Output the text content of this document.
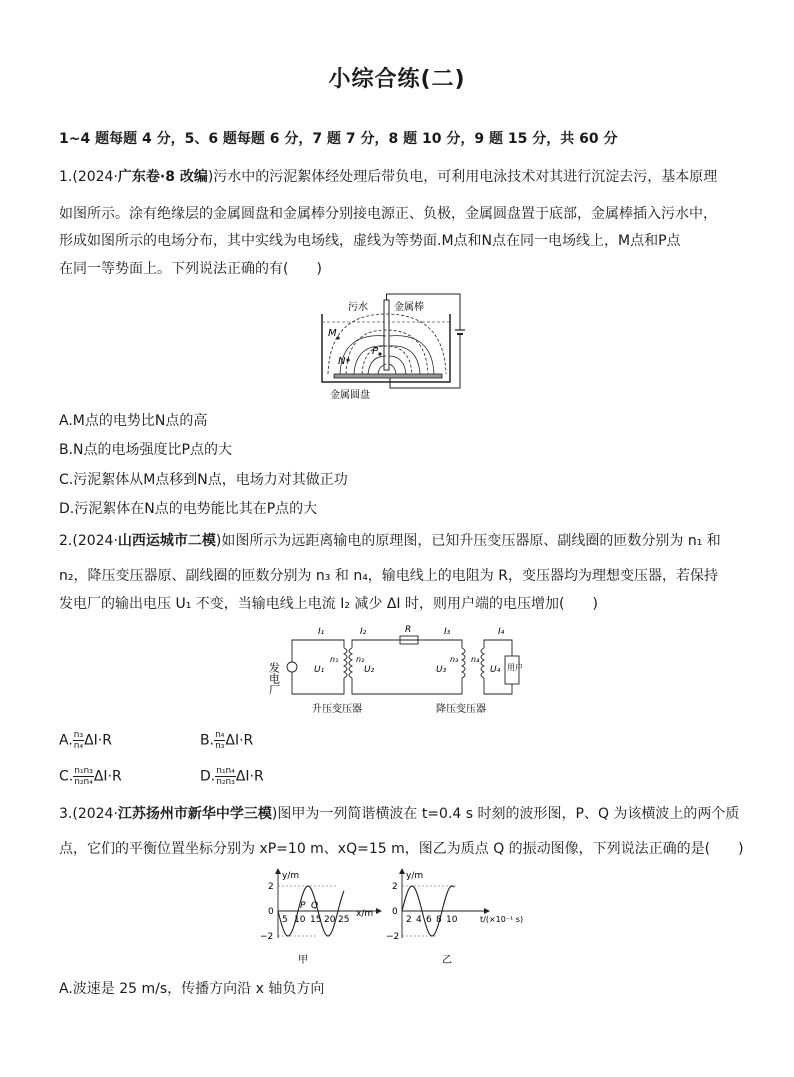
小综合练(二)
1~4 题每题 4 分，5、6 题每题 6 分，7 题 7 分，8 题 10 分，9 题 15 分，共 60 分
1.(2024·广东卷·8 改编)污水中的污泥絮体经处理后带负电，可利用电泳技术对其进行沉淀去污，基本原理
如图所示。涂有绝缘层的金属圆盘和金属棒分别接电源正、负极，金属圆盘置于底部，金属棒插入污水中，
形成如图所示的电场分布，其中实线为电场线，虚线为等势面.M点和N点在同一电场线上，M点和P点
在同一等势面上。下列说法正确的有(　　)
污水	金属棒
M
N
P
金属圆盘
A.M点的电势比N点的高
B.N点的电场强度比P点的大
C.污泥絮体从M点移到N点，电场力对其做正功
D.污泥絮体在N点的电势能比其在P点的大
2.(2024·山西运城市二模)如图所示为远距离输电的原理图，已知升压变压器原、副线圈的匝数分别为 n₁ 和
n₂，降压变压器原、副线圈的匝数分别为 n₃ 和 n₄，输电线上的电阻为 R，变压器均为理想变压器，若保持
发电厂的输出电压 U₁ 不变，当输电线上电流 I₂ 减少 ΔI 时，则用户端的电压增加(　　)
发电厂
I₁	I₂	R	I₃	I₄
n₁ n₂	n₃ n₄
U₁	U₂	U₃	U₄ 用户
升压变压器	降压变压器
A. $\frac{\text{n₃}}{\text{n₄}} \Delta I\cdot R$	B. $\frac{\text{n₄}}{\text{n₃}} \Delta I\cdot R$
C. $\frac{\text{n₁n₃}}{\text{n₂n₄}} \Delta I\cdot R$	D. $\frac{\text{n₁n₄}}{\text{n₂n₃}} \Delta I\cdot R$
3.(2024·江苏扬州市新华中学三模)图甲为一列简谐横波在 t=0.4 s 时刻的波形图，P、Q 为该横波上的两个质
点，它们的平衡位置坐标分别为 xP=10 m、xQ=15 m，图乙为质点 Q 的振动图像，下列说法正确的是(　　)
y/m
2
0
−2
5 10 15 20 25
P Q
x/m
甲
y/m
2
0
−2
2 4 6 8 10	t/(×10⁻¹ s)
乙
A.波速是 25 m/s，传播方向沿 x 轴负方向
